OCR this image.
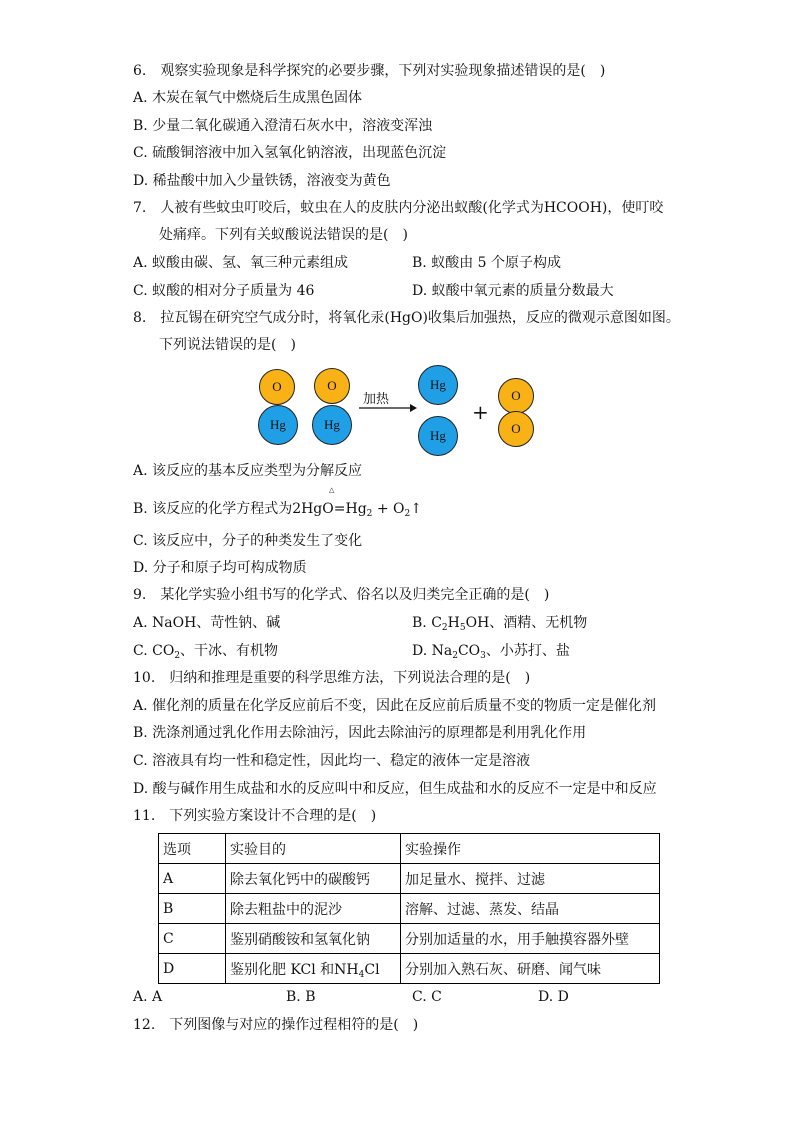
6.　观察实验现象是科学探究的必要步骤，下列对实验现象描述错误的是(　)
A. 木炭在氧气中燃烧后生成黑色固体
B. 少量二氧化碳通入澄清石灰水中，溶液变浑浊
C. 硫酸铜溶液中加入氢氧化钠溶液，出现蓝色沉淀
D. 稀盐酸中加入少量铁锈，溶液变为黄色
7.　人被有些蚊虫叮咬后，蚊虫在人的皮肤内分泌出蚁酸(化学式为HCOOH)，使叮咬
处痛痒。下列有关蚁酸说法错误的是(　)
A. 蚁酸由碳、氢、氧三种元素组成	B. 蚁酸由 5 个原子构成
C. 蚁酸的相对分子质量为 46	D. 蚁酸中氧元素的质量分数最大
8.　拉瓦锡在研究空气成分时，将氧化汞(HgO)收集后加强热，反应的微观示意图如图。
下列说法错误的是(　)
O
Hg
O
Hg
加热
Hg
Hg
+
O
O
A. 该反应的基本反应类型为分解反应
△
B. 该反应的化学方程式为$2HgO=Hg_2$ + $O_2↑$
C. 该反应中，分子的种类发生了变化
D. 分子和原子均可构成物质
9.　某化学实验小组书写的化学式、俗名以及归类完全正确的是(　)
A. NaOH、苛性钠、碱	B. $C_2H_5OH$、酒精、无机物
C. $CO_2$、干冰、有机物	D. $Na_2CO_3$、小苏打、盐
10.　归纳和推理是重要的科学思维方法，下列说法合理的是(　)
A. 催化剂的质量在化学反应前后不变，因此在反应前后质量不变的物质一定是催化剂
B. 洗涤剂通过乳化作用去除油污，因此去除油污的原理都是利用乳化作用
C. 溶液具有均一性和稳定性，因此均一、稳定的液体一定是溶液
D. 酸与碱作用生成盐和水的反应叫中和反应，但生成盐和水的反应不一定是中和反应
11.　下列实验方案设计不合理的是(　)
选项	实验目的	实验操作
A	除去氧化钙中的碳酸钙	加足量水、搅拌、过滤
B	除去粗盐中的泥沙	溶解、过滤、蒸发、结晶
C	鉴别硝酸铵和氢氧化钠	分别加适量的水，用手触摸容器外壁
D	鉴别化肥 KCl 和$NH_4Cl$	分别加入熟石灰、研磨、闻气味
A. A	B. B	C. C	D. D
12.　下列图像与对应的操作过程相符的是(　)
